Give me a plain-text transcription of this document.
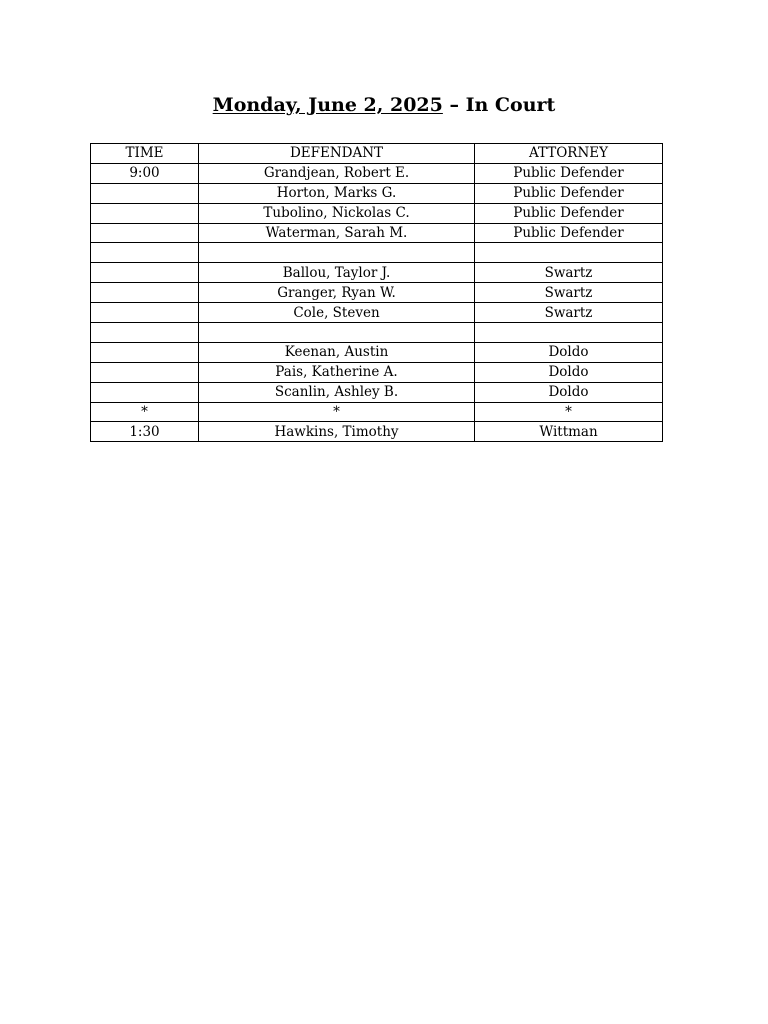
Monday, June 2, 2025 – In Court
TIME	DEFENDANT	ATTORNEY
9:00	Grandjean, Robert E.	Public Defender
	Horton, Marks G.	Public Defender
	Tubolino, Nickolas C.	Public Defender
	Waterman, Sarah M.	Public Defender

	Ballou, Taylor J.	Swartz
	Granger, Ryan W.	Swartz
	Cole, Steven	Swartz

	Keenan, Austin	Doldo
	Pais, Katherine A.	Doldo
	Scanlin, Ashley B.	Doldo
*	*	*
1:30	Hawkins, Timothy	Wittman
